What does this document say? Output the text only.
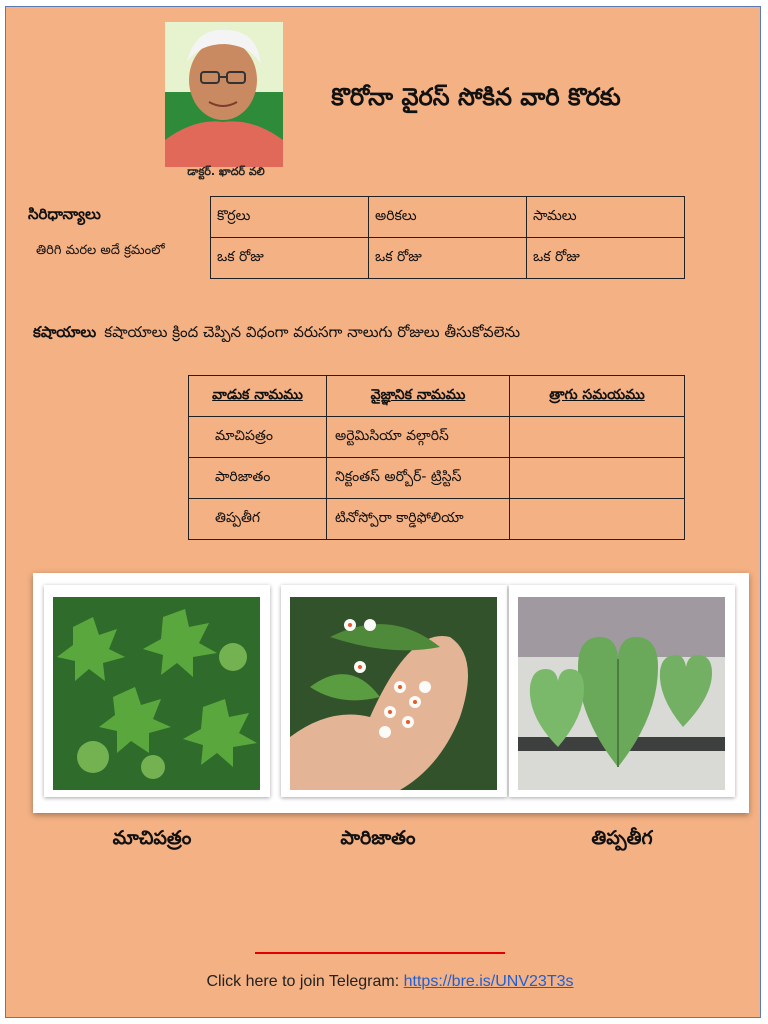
డాక్టర్. ఖాదర్ వలి
కొరోనా వైరస్ సోకిన వారి కొరకు
సిరిధాన్యాలు
తిరిగి మరల అదే క్రమంలో
కొర్రలు	అరికలు	సామలు
ఒక రోజు	ఒక రోజు	ఒక రోజు
కషాయాలు కషాయాలు క్రింద చెప్పిన విధంగా వరుసగా నాలుగు రోజులు తీసుకోవలెను
వాడుక నామము	వైజ్ఞానిక నామము	త్రాగు సమయము
మాచిపత్రం	అర్టెమిసియా వల్గారిస్	
పారిజాతం	నిక్టంతస్ అర్బోర్- ట్రిస్టిస్	
తిప్పతీగ	టినోస్పోరా కార్డిఫోలియా	
మాచిపత్రం	పారిజాతం	తిప్పతీగ
Click here to join Telegram: https://bre.is/UNV23T3s
